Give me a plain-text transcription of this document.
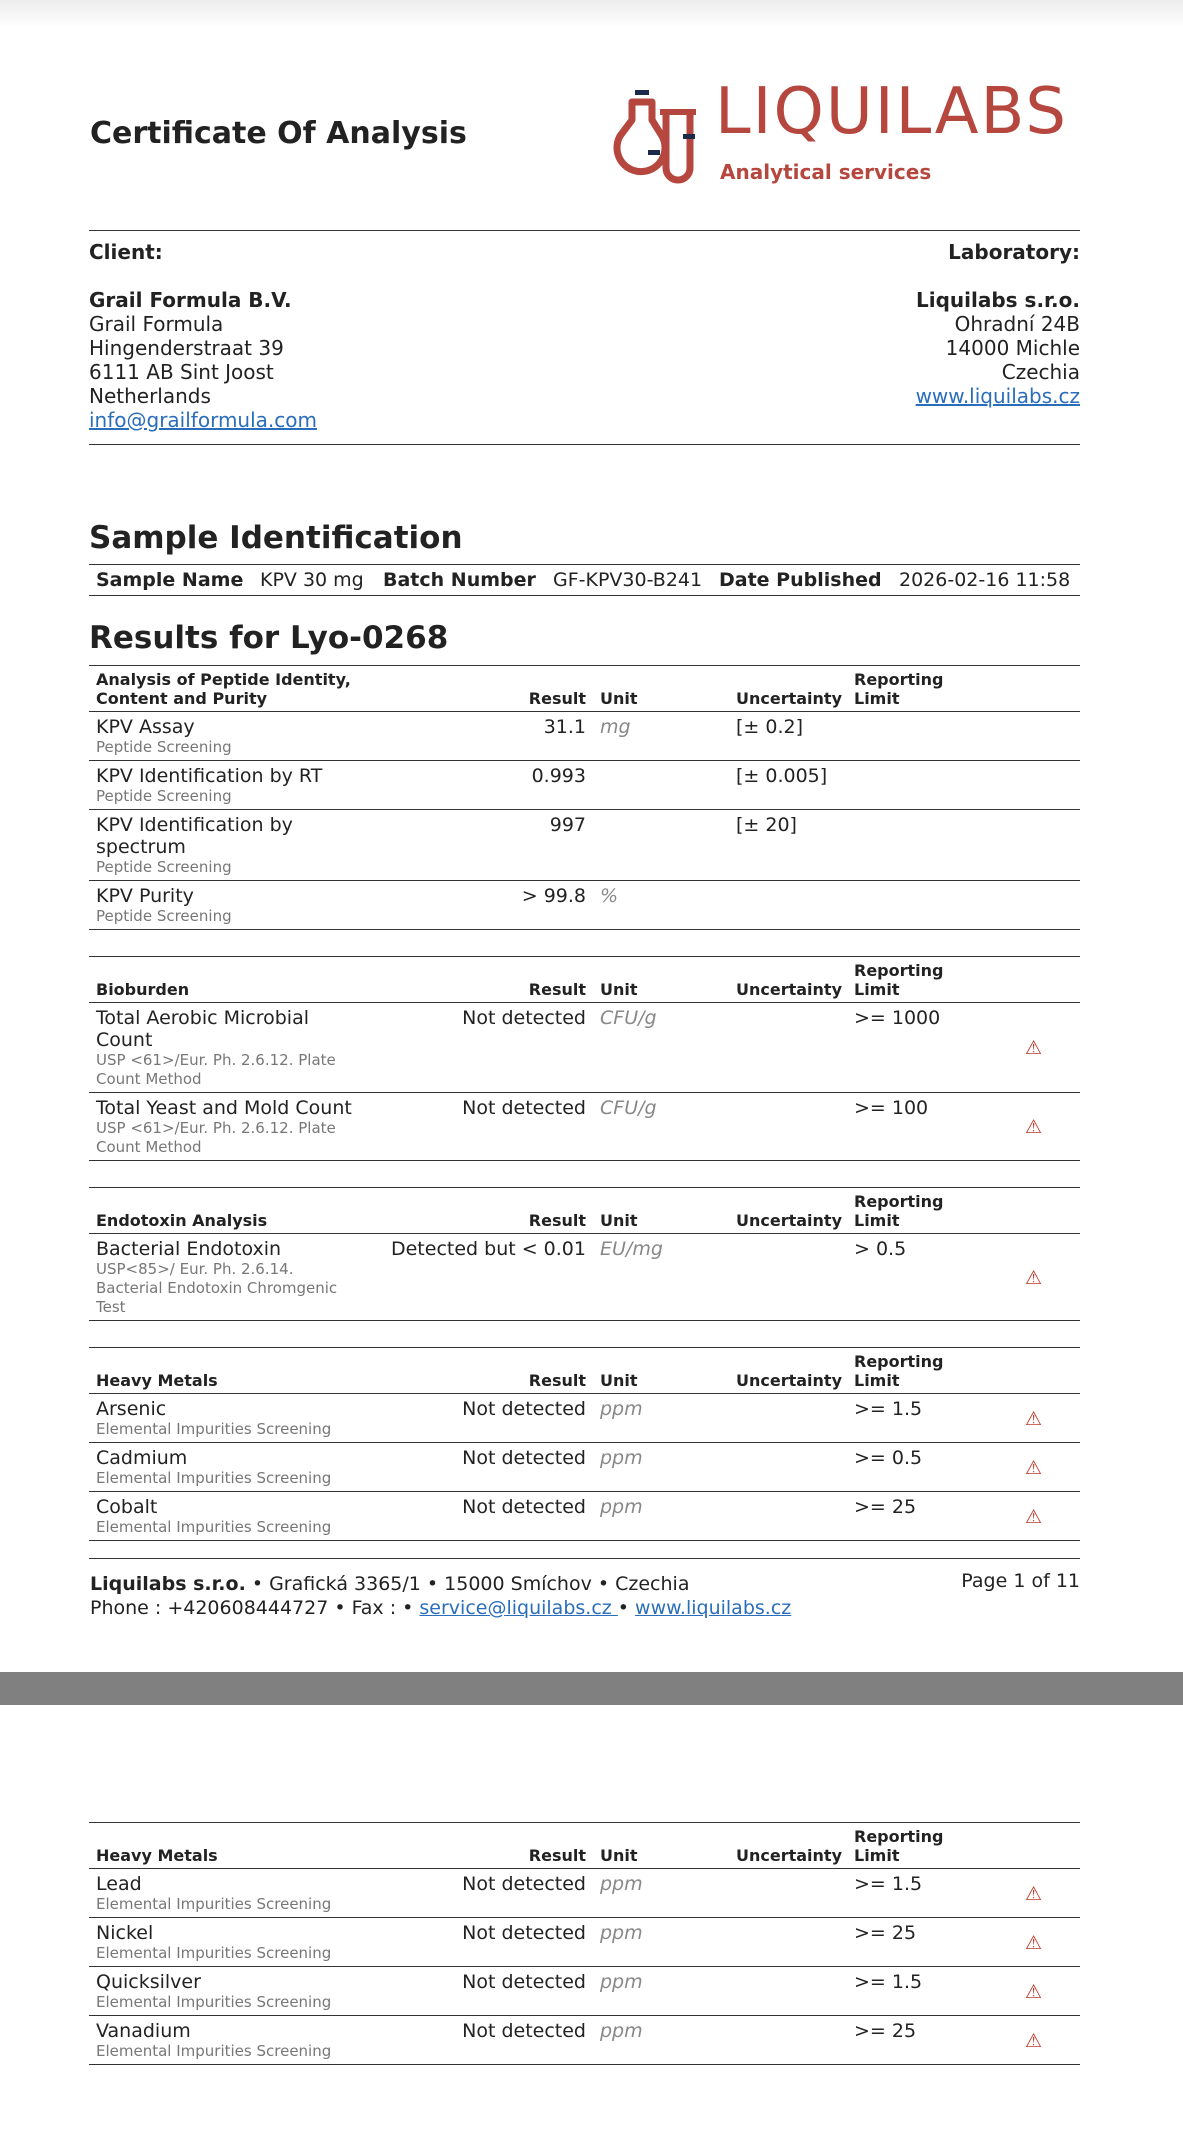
Certificate Of Analysis	LIQUILABS
Analytical services
Client:
Grail Formula B.V.
Grail Formula
Hingenderstraat 39
6111 AB Sint Joost
Netherlands
info@grailformula.com
Laboratory:
Liquilabs s.r.o.
Ohradní 24B
14000 Michle
Czechia
www.liquilabs.cz
Sample Identification
Sample Name KPV 30 mg Batch Number GF-KPV30-B241 Date Published 2026-02-16 11:58
Results for Lyo-0268
Analysis of Peptide Identity, Content and Purity	Result	Unit	Uncertainty	Reporting Limit	

KPV Assay
Peptide Screening	31.1	mg	[± 0.2]		

KPV Identification by RT
Peptide Screening	0.993		[± 0.005]		

KPV Identification by spectrum
Peptide Screening	997		[± 20]		

KPV Purity
Peptide Screening	> 99.8	%			
Bioburden	Result	Unit	Uncertainty	Reporting Limit	

Total Aerobic Microbial Count
USP <61>/Eur. Ph. 2.6.12. Plate Count Method	Not detected	CFU/g		>= 1000	⚠

Total Yeast and Mold Count
USP <61>/Eur. Ph. 2.6.12. Plate Count Method	Not detected	CFU/g		>= 100	⚠
Endotoxin Analysis	Result	Unit	Uncertainty	Reporting Limit	

Bacterial Endotoxin
USP<85>/ Eur. Ph. 2.6.14. Bacterial Endotoxin Chromgenic Test	Detected but < 0.01	EU/mg		> 0.5	⚠
Heavy Metals	Result	Unit	Uncertainty	Reporting Limit	

Arsenic
Elemental Impurities Screening	Not detected	ppm		>= 1.5	⚠

Cadmium
Elemental Impurities Screening	Not detected	ppm		>= 0.5	⚠

Cobalt
Elemental Impurities Screening	Not detected	ppm		>= 25	⚠
Liquilabs s.r.o. • Grafická 3365/1 • 15000 Smíchov • Czechia
Phone : +420608444727 • Fax : • service@liquilabs.cz • www.liquilabs.cz
Page 1 of 11
Heavy Metals	Result	Unit	Uncertainty	Reporting Limit	

Lead
Elemental Impurities Screening	Not detected	ppm		>= 1.5	⚠

Nickel
Elemental Impurities Screening	Not detected	ppm		>= 25	⚠

Quicksilver
Elemental Impurities Screening	Not detected	ppm		>= 1.5	⚠

Vanadium
Elemental Impurities Screening	Not detected	ppm		>= 25	⚠
